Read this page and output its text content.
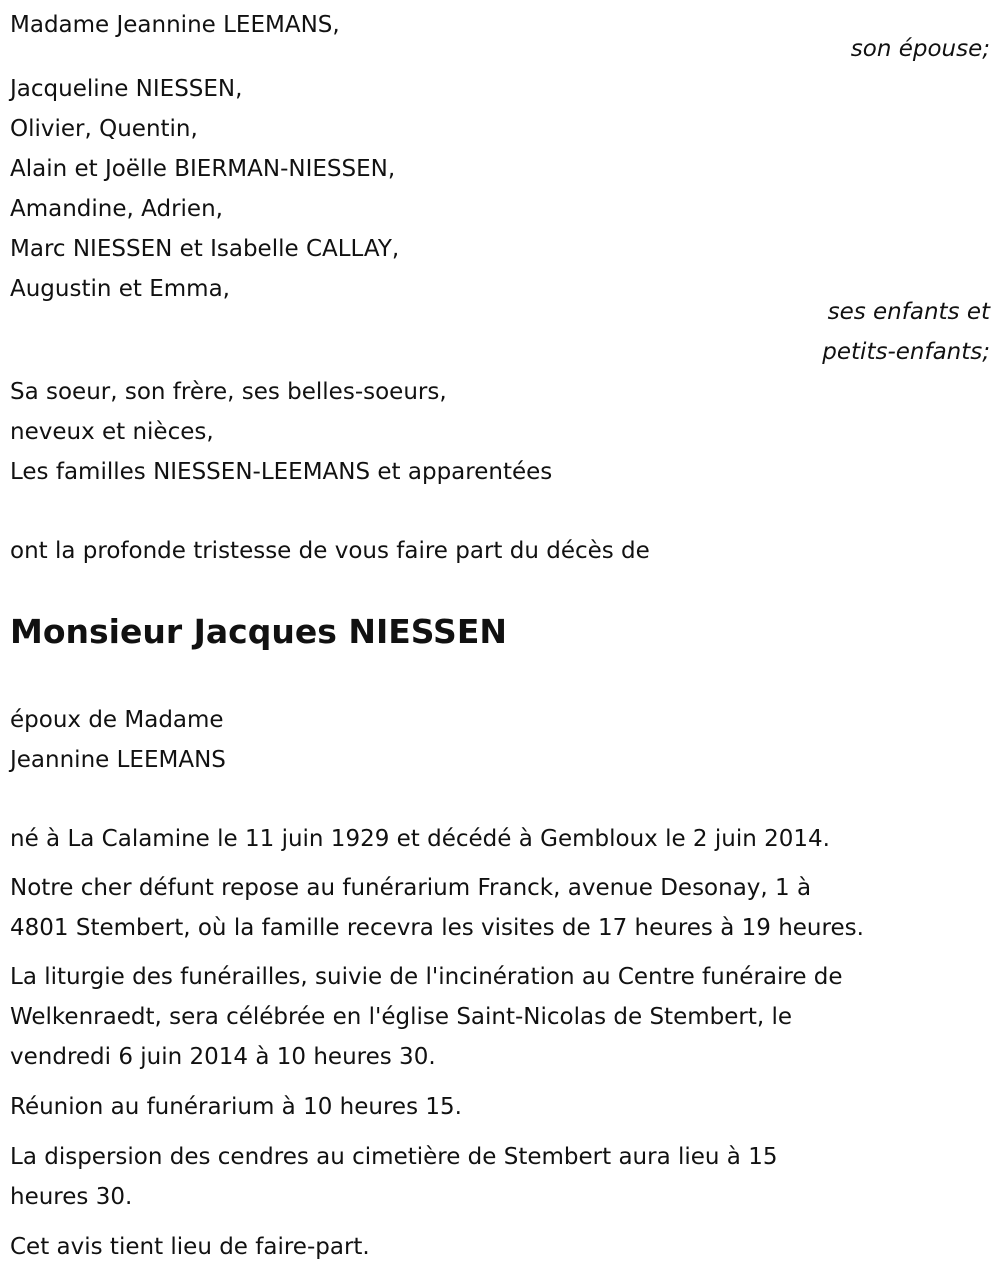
Madame Jeannine LEEMANS,
son épouse;
Jacqueline NIESSEN,
Olivier, Quentin,
Alain et Joëlle BIERMAN-NIESSEN,
Amandine, Adrien,
Marc NIESSEN et Isabelle CALLAY,
Augustin et Emma,
ses enfants et
petits-enfants;
Sa soeur, son frère, ses belles-soeurs,
neveux et nièces,
Les familles NIESSEN-LEEMANS et apparentées
ont la profonde tristesse de vous faire part du décès de
Monsieur Jacques NIESSEN
époux de Madame
Jeannine LEEMANS
né à La Calamine le 11 juin 1929 et décédé à Gembloux le 2 juin 2014.
Notre cher défunt repose au funérarium Franck, avenue Desonay, 1 à
4801 Stembert, où la famille recevra les visites de 17 heures à 19 heures.
La liturgie des funérailles, suivie de l'incinération au Centre funéraire de
Welkenraedt, sera célébrée en l'église Saint-Nicolas de Stembert, le
vendredi 6 juin 2014 à 10 heures 30.
Réunion au funérarium à 10 heures 15.
La dispersion des cendres au cimetière de Stembert aura lieu à 15
heures 30.
Cet avis tient lieu de faire-part.
